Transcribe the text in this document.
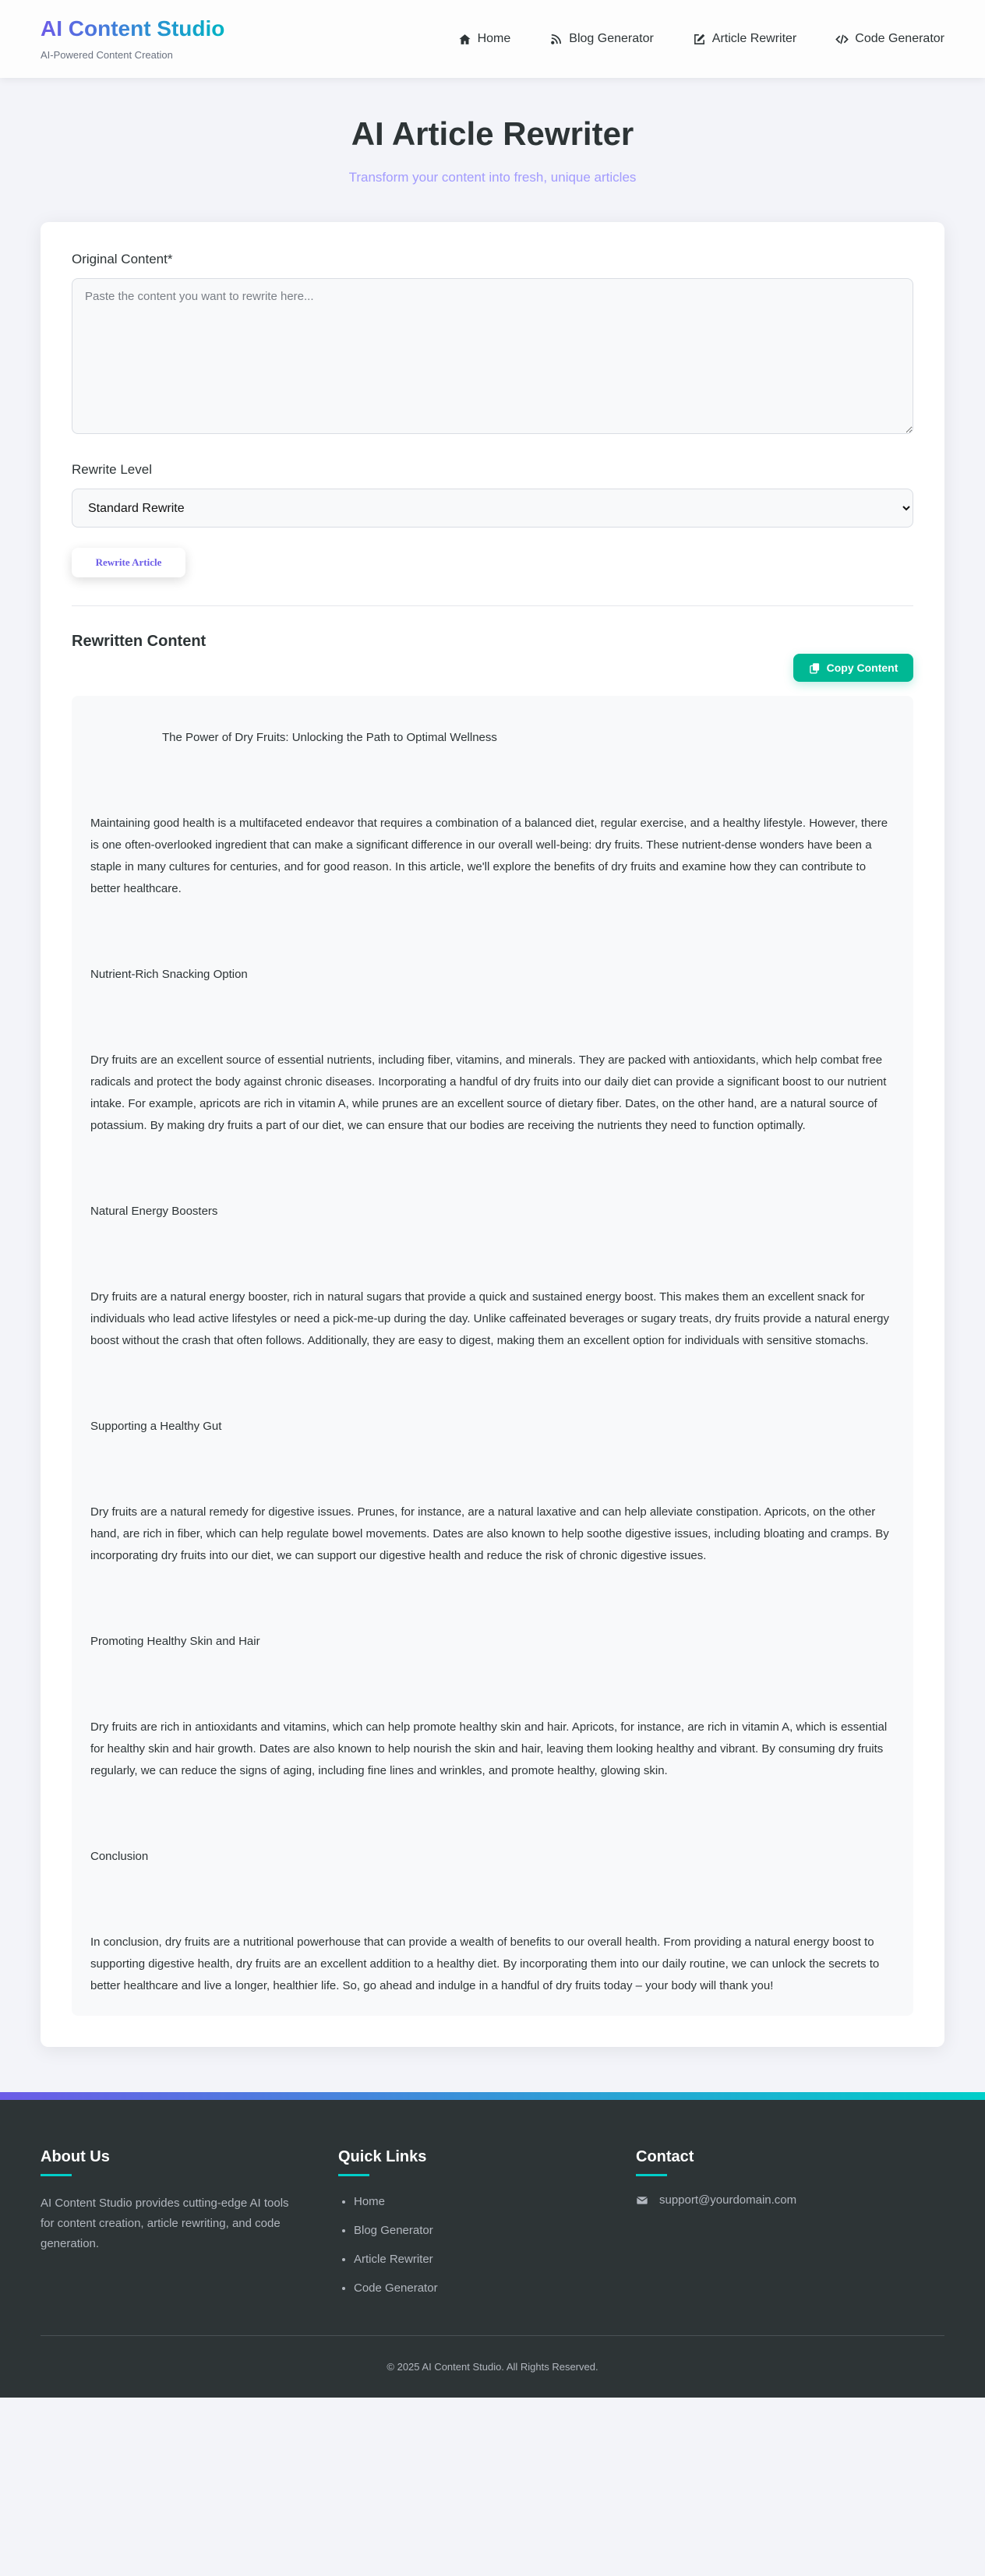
AI Content Studio
AI-Powered Content Creation
Home	Blog Generator	Article Rewriter	Code Generator
AI Article Rewriter

Transform your content into fresh, unique articles

Original Content*
Paste the content you want to rewrite here...
Rewrite Level
Standard Rewrite Rewrite Article
Rewritten Content
Copy Content
The Power of Dry Fruits: Unlocking the Path to Optimal Wellness
Maintaining good health is a multifaceted endeavor that requires a combination of a balanced diet, regular exercise, and a healthy lifestyle. However, there is one often-overlooked ingredient that can make a significant difference in our overall well-being: dry fruits. These nutrient-dense wonders have been a staple in many cultures for centuries, and for good reason. In this article, we'll explore the benefits of dry fruits and examine how they can contribute to better healthcare.
Nutrient-Rich Snacking Option
Dry fruits are an excellent source of essential nutrients, including fiber, vitamins, and minerals. They are packed with antioxidants, which help combat free radicals and protect the body against chronic diseases. Incorporating a handful of dry fruits into our daily diet can provide a significant boost to our nutrient intake. For example, apricots are rich in vitamin A, while prunes are an excellent source of dietary fiber. Dates, on the other hand, are a natural source of potassium. By making dry fruits a part of our diet, we can ensure that our bodies are receiving the nutrients they need to function optimally.
Natural Energy Boosters
Dry fruits are a natural energy booster, rich in natural sugars that provide a quick and sustained energy boost. This makes them an excellent snack for individuals who lead active lifestyles or need a pick-me-up during the day. Unlike caffeinated beverages or sugary treats, dry fruits provide a natural energy boost without the crash that often follows. Additionally, they are easy to digest, making them an excellent option for individuals with sensitive stomachs.
Supporting a Healthy Gut
Dry fruits are a natural remedy for digestive issues. Prunes, for instance, are a natural laxative and can help alleviate constipation. Apricots, on the other hand, are rich in fiber, which can help regulate bowel movements. Dates are also known to help soothe digestive issues, including bloating and cramps. By incorporating dry fruits into our diet, we can support our digestive health and reduce the risk of chronic digestive issues.
Promoting Healthy Skin and Hair
Dry fruits are rich in antioxidants and vitamins, which can help promote healthy skin and hair. Apricots, for instance, are rich in vitamin A, which is essential for healthy skin and hair growth. Dates are also known to help nourish the skin and hair, leaving them looking healthy and vibrant. By consuming dry fruits regularly, we can reduce the signs of aging, including fine lines and wrinkles, and promote healthy, glowing skin.
Conclusion
In conclusion, dry fruits are a nutritional powerhouse that can provide a wealth of benefits to our overall health. From providing a natural energy boost to supporting digestive health, dry fruits are an excellent addition to a healthy diet. By incorporating them into our daily routine, we can unlock the secrets to better healthcare and live a longer, healthier life. So, go ahead and indulge in a handful of dry fruits today – your body will thank you!
About Us

AI Content Studio provides cutting-edge AI tools for content creation, article rewriting, and code generation.

Quick Links
• Home
• Blog Generator
• Article Rewriter
• Code Generator
Contact
support@yourdomain.com
© 2025 AI Content Studio. All Rights Reserved.
